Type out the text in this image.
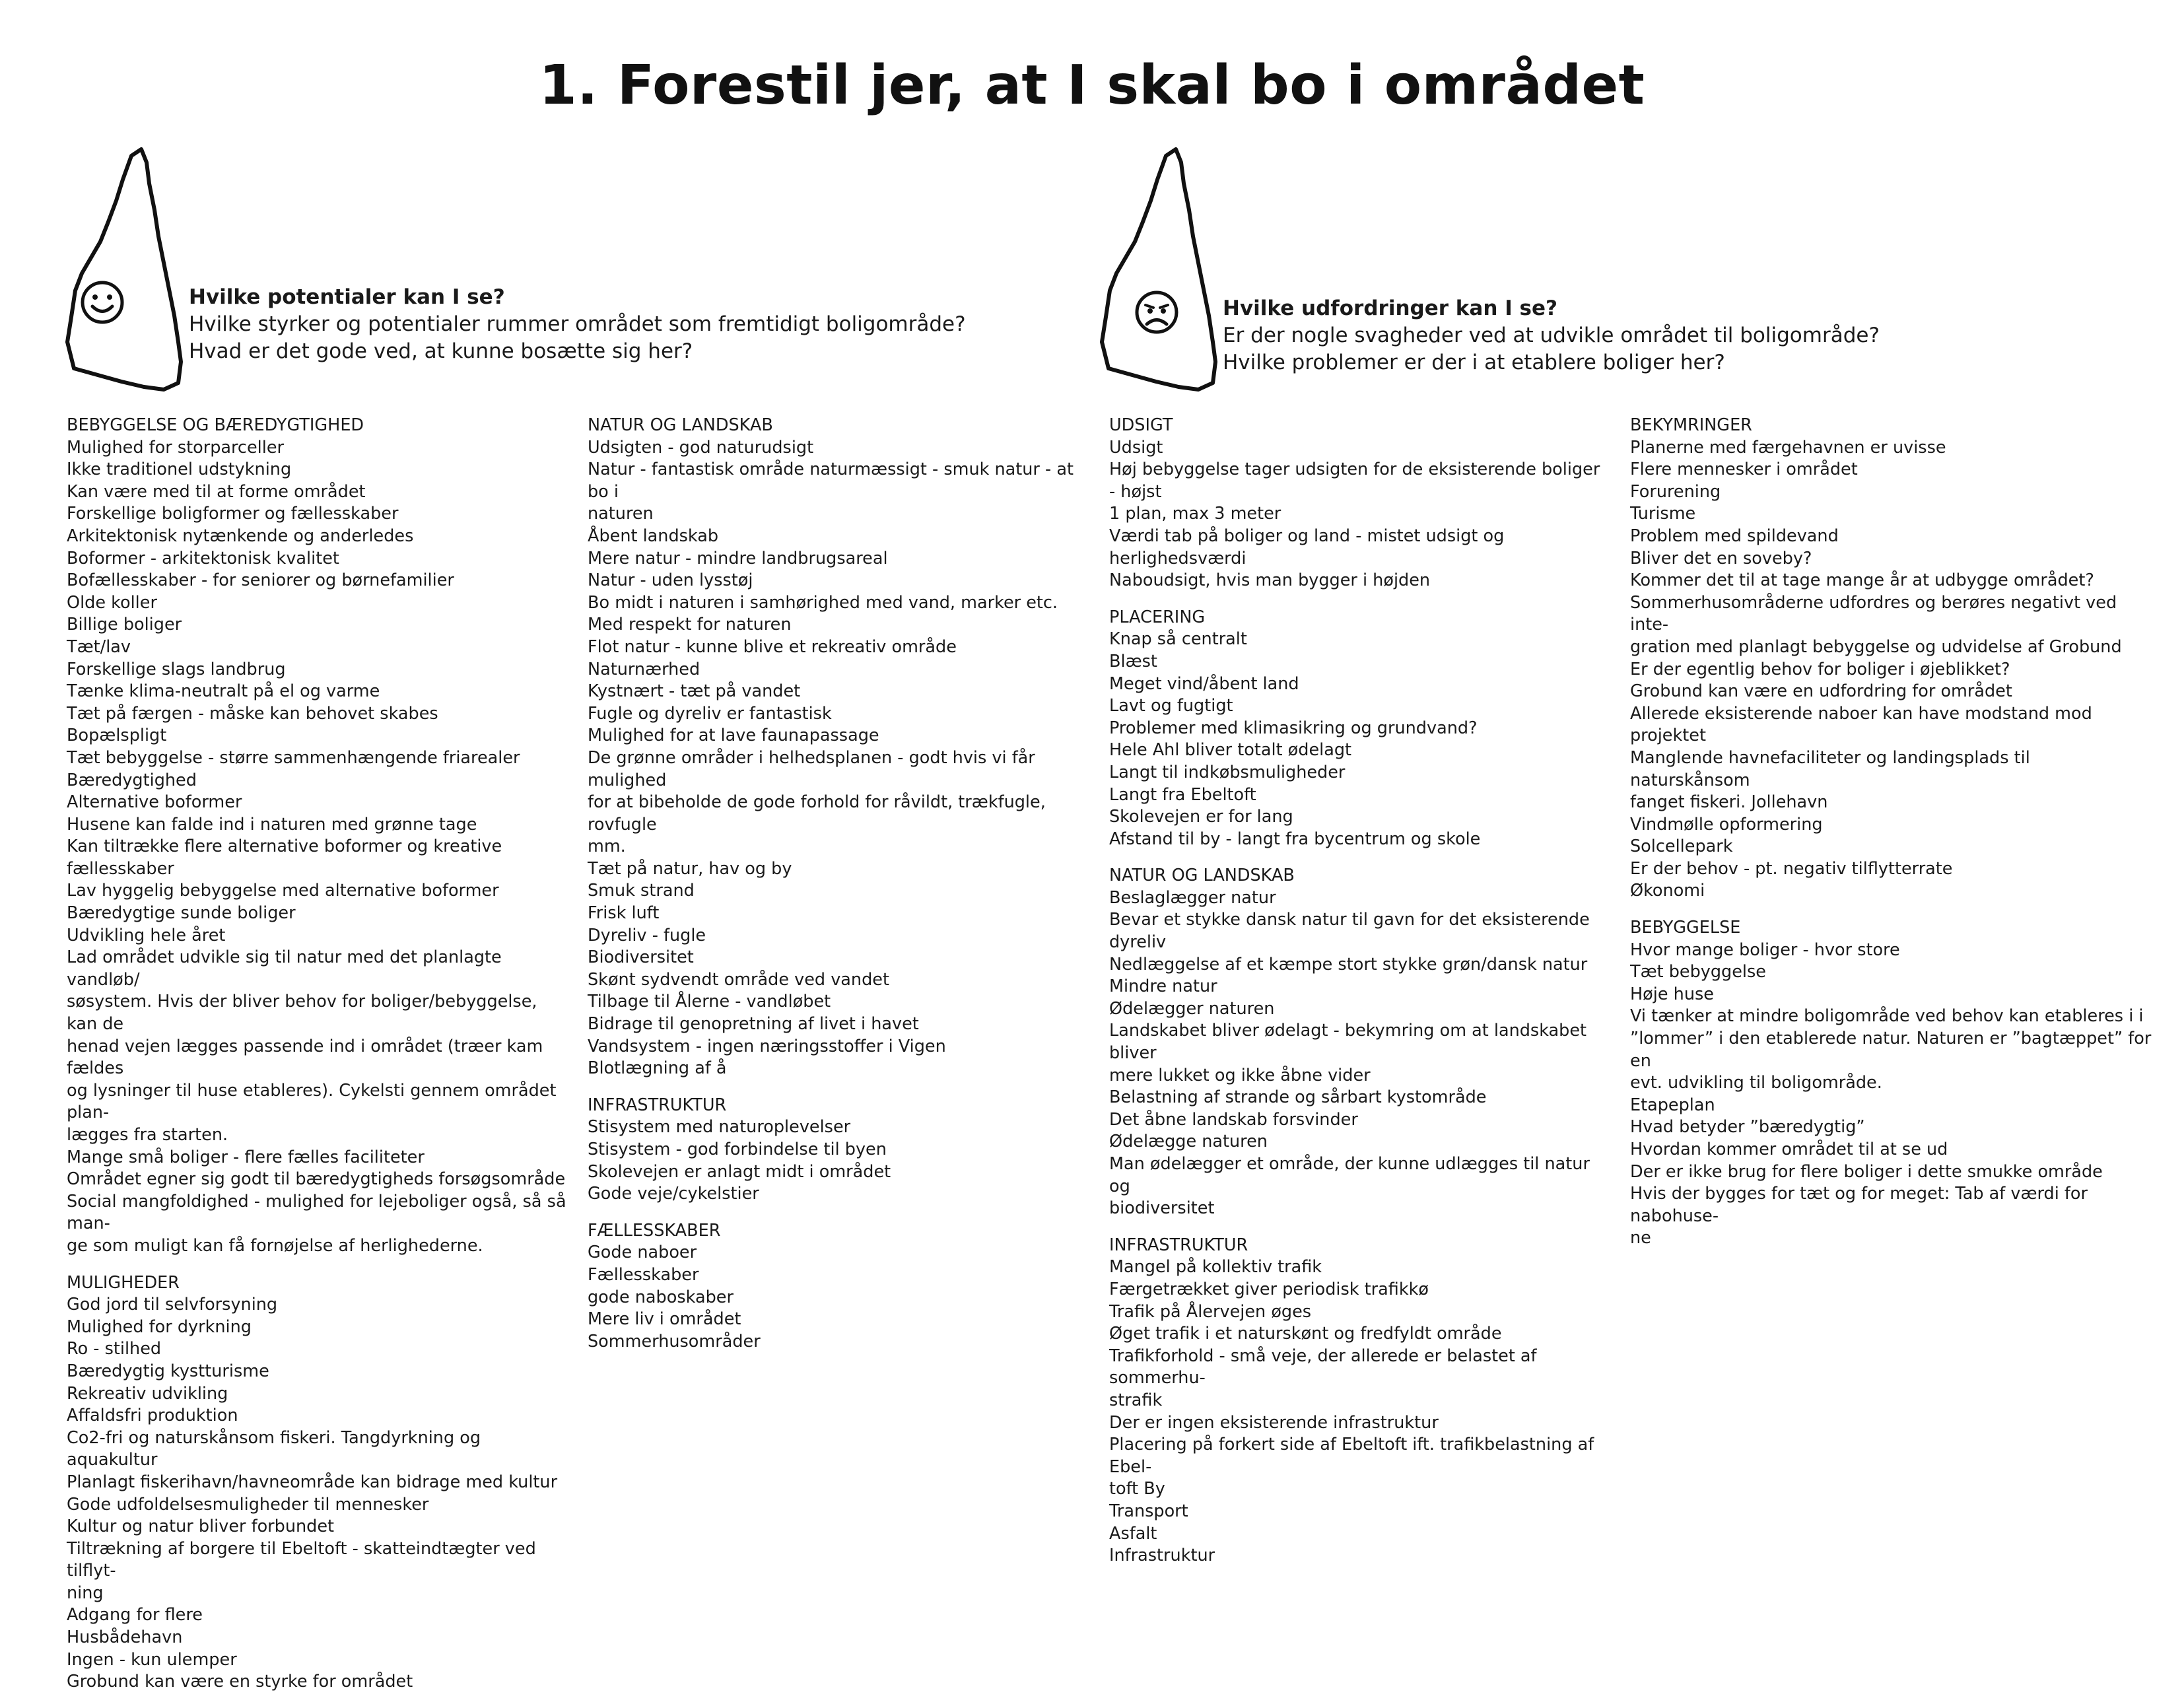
1. Forestil jer, at I skal bo i området
Hvilke potentialer kan I se?
Hvilke styrker og potentialer rummer området som fremtidigt boligområde?
Hvad er det gode ved, at kunne bosætte sig her?
Hvilke udfordringer kan I se?
Er der nogle svagheder ved at udvikle området til boligområde?
Hvilke problemer er der i at etablere boliger her?
BEBYGGELSE OG BÆREDYGTIGHED
Mulighed for storparceller
Ikke traditionel udstykning
Kan være med til at forme området
Forskellige boligformer og fællesskaber
Arkitektonisk nytænkende og anderledes
Boformer - arkitektonisk kvalitet
Bofællesskaber - for seniorer og børnefamilier
Olde koller
Billige boliger
Tæt/lav
Forskellige slags landbrug
Tænke klima-neutralt på el og varme
Tæt på færgen - måske kan behovet skabes
Bopælspligt
Tæt bebyggelse - større sammenhængende friarealer
Bæredygtighed
Alternative boformer
Husene kan falde ind i naturen med grønne tage
Kan tiltrække flere alternative boformer og kreative fællesskaber
Lav hyggelig bebyggelse med alternative boformer
Bæredygtige sunde boliger
Udvikling hele året
Lad området udvikle sig til natur med det planlagte vandløb/
søsystem. Hvis der bliver behov for boliger/bebyggelse, kan de
henad vejen lægges passende ind i området (træer kam fældes
og lysninger til huse etableres). Cykelsti gennem området plan-
lægges fra starten.
Mange små boliger - flere fælles faciliteter
Området egner sig godt til bæredygtigheds forsøgsområde
Social mangfoldighed - mulighed for lejeboliger også, så så man-
ge som muligt kan få fornøjelse af herlighederne.
MULIGHEDER
God jord til selvforsyning
Mulighed for dyrkning
Ro - stilhed
Bæredygtig kystturisme
Rekreativ udvikling
Affaldsfri produktion
Co2-fri og naturskånsom fiskeri. Tangdyrkning og aquakultur
Planlagt fiskerihavn/havneområde kan bidrage med kultur
Gode udfoldelsesmuligheder til mennesker
Kultur og natur bliver forbundet
Tiltrækning af borgere til Ebeltoft - skatteindtægter ved tilflyt-
ning
Adgang for flere
Husbådehavn
Ingen - kun ulemper
Grobund kan være en styrke for området
NATUR OG LANDSKAB
Udsigten - god naturudsigt
Natur - fantastisk område naturmæssigt - smuk natur - at bo i
naturen
Åbent landskab
Mere natur - mindre landbrugsareal
Natur - uden lysstøj
Bo midt i naturen i samhørighed med vand, marker etc.
Med respekt for naturen
Flot natur - kunne blive et rekreativ område
Naturnærhed
Kystnært - tæt på vandet
Fugle og dyreliv er fantastisk
Mulighed for at lave faunapassage
De grønne områder i helhedsplanen - godt hvis vi får mulighed
for at bibeholde de gode forhold for råvildt, trækfugle, rovfugle
mm.
Tæt på natur, hav og by
Smuk strand
Frisk luft
Dyreliv - fugle
Biodiversitet
Skønt sydvendt område ved vandet
Tilbage til Ålerne - vandløbet
Bidrage til genopretning af livet i havet
Vandsystem - ingen næringsstoffer i Vigen
Blotlægning af å
INFRASTRUKTUR
Stisystem med naturoplevelser
Stisystem - god forbindelse til byen
Skolevejen er anlagt midt i området
Gode veje/cykelstier
FÆLLESSKABER
Gode naboer
Fællesskaber
gode naboskaber
Mere liv i området
Sommerhusområder
UDSIGT
Udsigt
Høj bebyggelse tager udsigten for de eksisterende boliger - højst
1 plan, max 3 meter
Værdi tab på boliger og land - mistet udsigt og herlighedsværdi
Naboudsigt, hvis man bygger i højden
PLACERING
Knap så centralt
Blæst
Meget vind/åbent land
Lavt og fugtigt
Problemer med klimasikring og grundvand?
Hele Ahl bliver totalt ødelagt
Langt til indkøbsmuligheder
Langt fra Ebeltoft
Skolevejen er for lang
Afstand til by - langt fra bycentrum og skole
NATUR OG LANDSKAB
Beslaglægger natur
Bevar et stykke dansk natur til gavn for det eksisterende dyreliv
Nedlæggelse af et kæmpe stort stykke grøn/dansk natur
Mindre natur
Ødelægger naturen
Landskabet bliver ødelagt - bekymring om at landskabet bliver
mere lukket og ikke åbne vider
Belastning af strande og sårbart kystområde
Det åbne landskab forsvinder
Ødelægge naturen
Man ødelægger et område, der kunne udlægges til natur og
biodiversitet
INFRASTRUKTUR
Mangel på kollektiv trafik
Færgetrækket giver periodisk trafikkø
Trafik på Ålervejen øges
Øget trafik i et naturskønt og fredfyldt område
Trafikforhold - små veje, der allerede er belastet af sommerhu-
strafik
Der er ingen eksisterende infrastruktur
Placering på forkert side af Ebeltoft ift. trafikbelastning af Ebel-
toft By
Transport
Asfalt
Infrastruktur
BEKYMRINGER
Planerne med færgehavnen er uvisse
Flere mennesker i området
Forurening
Turisme
Problem med spildevand
Bliver det en soveby?
Kommer det til at tage mange år at udbygge området?
Sommerhusområderne udfordres og berøres negativt ved inte-
gration med planlagt bebyggelse og udvidelse af Grobund
Er der egentlig behov for boliger i øjeblikket?
Grobund kan være en udfordring for området
Allerede eksisterende naboer kan have modstand mod projektet
Manglende havnefaciliteter og landingsplads til naturskånsom
fanget fiskeri. Jollehavn
Vindmølle opformering
Solcellepark
Er der behov - pt. negativ tilflytterrate
Økonomi
BEBYGGELSE
Hvor mange boliger - hvor store
Tæt bebyggelse
Høje huse
Vi tænker at mindre boligområde ved behov kan etableres i i
”lommer” i den etablerede natur. Naturen er ”bagtæppet” for en
evt. udvikling til boligområde.
Etapeplan
Hvad betyder ”bæredygtig”
Hvordan kommer området til at se ud
Der er ikke brug for flere boliger i dette smukke område
Hvis der bygges for tæt og for meget: Tab af værdi for nabohuse-
ne
